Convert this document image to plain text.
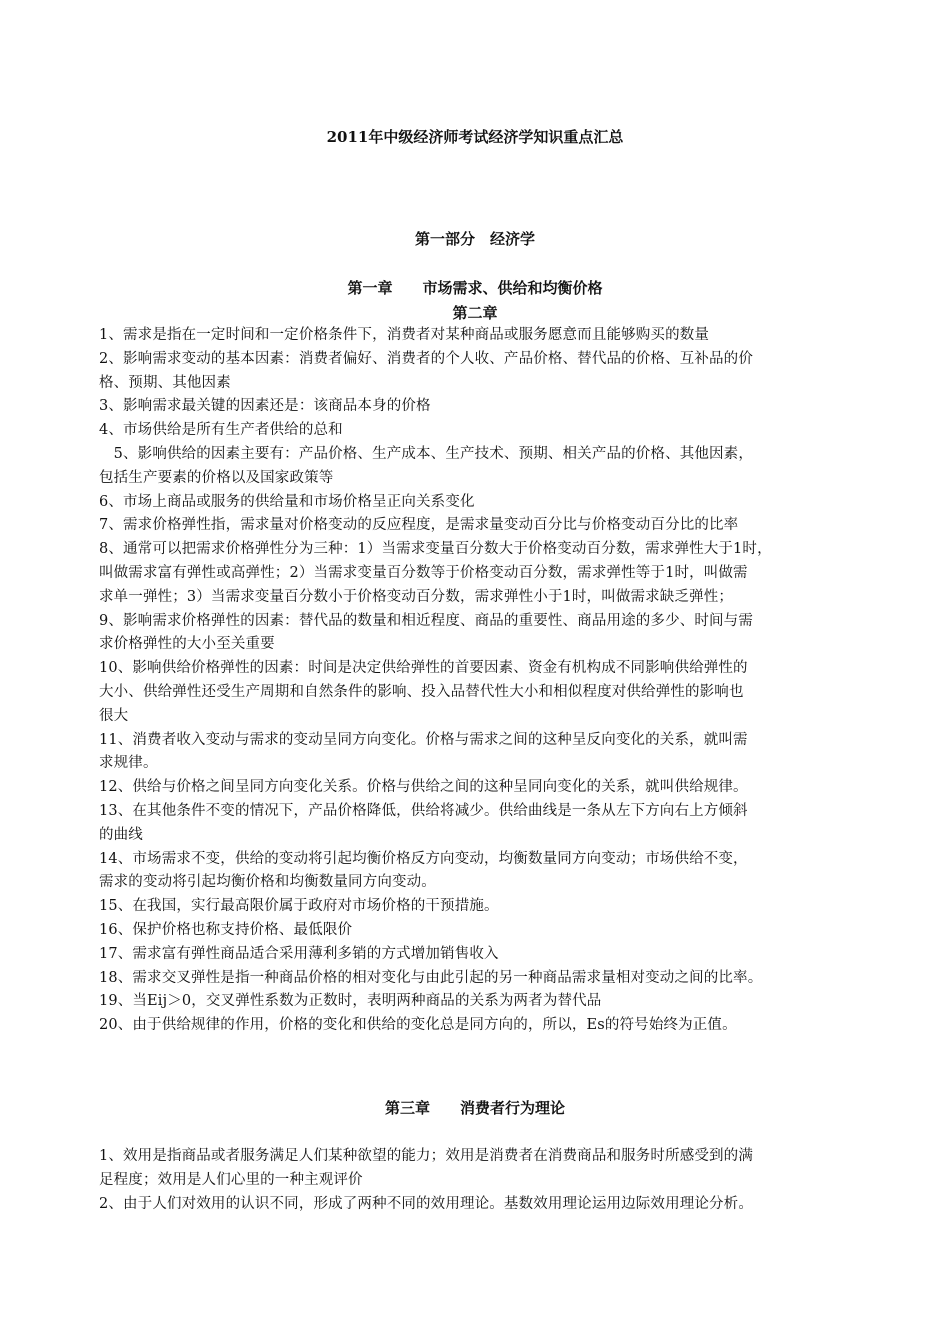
2011年中级经济师考试经济学知识重点汇总
第一部分　经济学
第一章　　市场需求、供给和均衡价格
第二章
1、需求是指在一定时间和一定价格条件下，消费者对某种商品或服务愿意而且能够购买的数量
2、影响需求变动的基本因素：消费者偏好、消费者的个人收、产品价格、替代品的价格、互补品的价
格、预期、其他因素
3、影响需求最关键的因素还是：该商品本身的价格
4、市场供给是所有生产者供给的总和
　5、影响供给的因素主要有：产品价格、生产成本、生产技术、预期、相关产品的价格、其他因素，
包括生产要素的价格以及国家政策等
6、市场上商品或服务的供给量和市场价格呈正向关系变化
7、需求价格弹性指，需求量对价格变动的反应程度，是需求量变动百分比与价格变动百分比的比率
8、通常可以把需求价格弹性分为三种：1）当需求变量百分数大于价格变动百分数，需求弹性大于1时，
叫做需求富有弹性或高弹性；2）当需求变量百分数等于价格变动百分数，需求弹性等于1时，叫做需
求单一弹性；3）当需求变量百分数小于价格变动百分数，需求弹性小于1时，叫做需求缺乏弹性；
9、影响需求价格弹性的因素：替代品的数量和相近程度、商品的重要性、商品用途的多少、时间与需
求价格弹性的大小至关重要
10、影响供给价格弹性的因素：时间是决定供给弹性的首要因素、资金有机构成不同影响供给弹性的
大小、供给弹性还受生产周期和自然条件的影响、投入品替代性大小和相似程度对供给弹性的影响也
很大
11、消费者收入变动与需求的变动呈同方向变化。价格与需求之间的这种呈反向变化的关系，就叫需
求规律。
12、供给与价格之间呈同方向变化关系。价格与供给之间的这种呈同向变化的关系，就叫供给规律。
13、在其他条件不变的情况下，产品价格降低，供给将减少。供给曲线是一条从左下方向右上方倾斜
的曲线
14、市场需求不变，供给的变动将引起均衡价格反方向变动，均衡数量同方向变动；市场供给不变，
需求的变动将引起均衡价格和均衡数量同方向变动。
15、在我国，实行最高限价属于政府对市场价格的干预措施。
16、保护价格也称支持价格、最低限价
17、需求富有弹性商品适合采用薄利多销的方式增加销售收入
18、需求交叉弹性是指一种商品价格的相对变化与由此引起的另一种商品需求量相对变动之间的比率。
19、当Eij＞0，交叉弹性系数为正数时，表明两种商品的关系为两者为替代品
20、由于供给规律的作用，价格的变化和供给的变化总是同方向的，所以，Es的符号始终为正值。
第三章　　消费者行为理论
1、效用是指商品或者服务满足人们某种欲望的能力；效用是消费者在消费商品和服务时所感受到的满
足程度；效用是人们心里的一种主观评价
2、由于人们对效用的认识不同，形成了两种不同的效用理论。基数效用理论运用边际效用理论分析。
